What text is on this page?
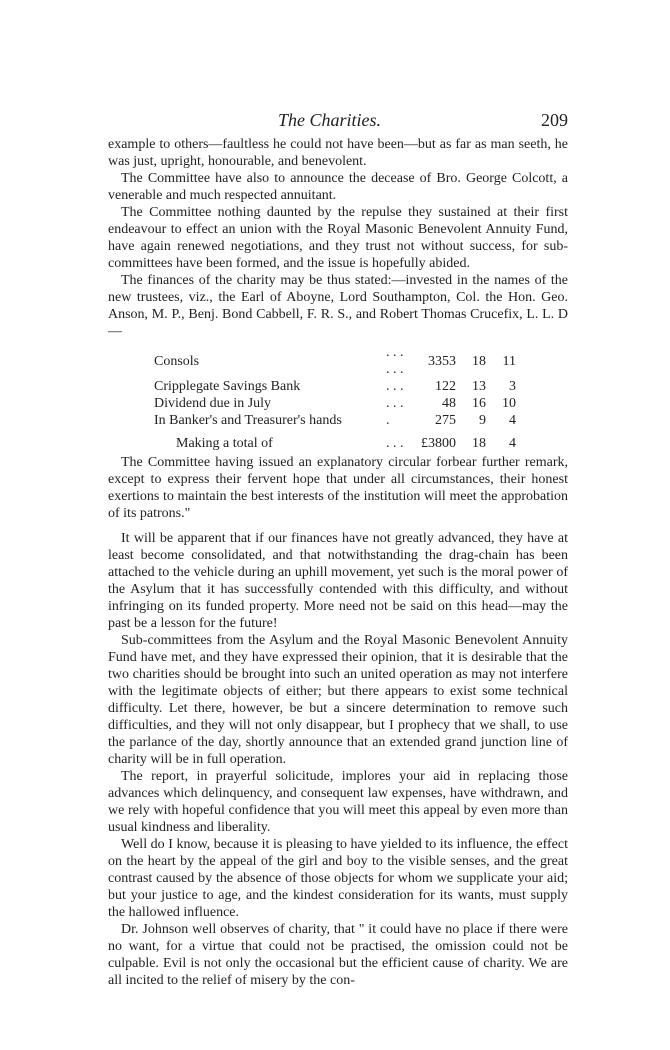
The Charities.	209

example to others—faultless he could not have been—but as far as man seeth, he was just, upright, honourable, and benevolent.

The Committee have also to announce the decease of Bro. George Colcott, a venerable and much respected annuitant.

The Committee nothing daunted by the repulse they sustained at their first endeavour to effect an union with the Royal Masonic Benevolent Annuity Fund, have again renewed negotiations, and they trust not without success, for sub-committees have been formed, and the issue is hopefully abided.

The finances of the charity may be thus stated:—invested in the names of the new trustees, viz., the Earl of Aboyne, Lord Southampton, Col. the Hon. Geo. Anson, M. P., Benj. Bond Cabbell, F. R. S., and Robert Thomas Crucefix, L. L. D —

Consols	. . . . . .	3353	18	11
Cripplegate Savings Bank	. . .	122	13	3
Dividend due in July	. . .	48	16	10
In Banker's and Treasurer's hands	.	275	9	4
Making a total of	. . .	£3800	18	4

The Committee having issued an explanatory circular forbear further remark, except to express their fervent hope that under all circumstances, their honest exertions to maintain the best interests of the institution will meet the approbation of its patrons."

It will be apparent that if our finances have not greatly advanced, they have at least become consolidated, and that notwithstanding the drag-chain has been attached to the vehicle during an uphill movement, yet such is the moral power of the Asylum that it has successfully contended with this difficulty, and without infringing on its funded property. More need not be said on this head—may the past be a lesson for the future!

Sub-committees from the Asylum and the Royal Masonic Benevolent Annuity Fund have met, and they have expressed their opinion, that it is desirable that the two charities should be brought into such an united operation as may not interfere with the legitimate objects of either; but there appears to exist some technical difficulty. Let there, however, be but a sincere determination to remove such difficulties, and they will not only disappear, but I prophecy that we shall, to use the parlance of the day, shortly announce that an extended grand junction line of charity will be in full operation.

The report, in prayerful solicitude, implores your aid in replacing those advances which delinquency, and consequent law expenses, have withdrawn, and we rely with hopeful confidence that you will meet this appeal by even more than usual kindness and liberality.

Well do I know, because it is pleasing to have yielded to its influence, the effect on the heart by the appeal of the girl and boy to the visible senses, and the great contrast caused by the absence of those objects for whom we supplicate your aid; but your justice to age, and the kindest consideration for its wants, must supply the hallowed influence.

Dr. Johnson well observes of charity, that " it could have no place if there were no want, for a virtue that could not be practised, the omission could not be culpable. Evil is not only the occasional but the efficient cause of charity. We are all incited to the relief of misery by the con-
